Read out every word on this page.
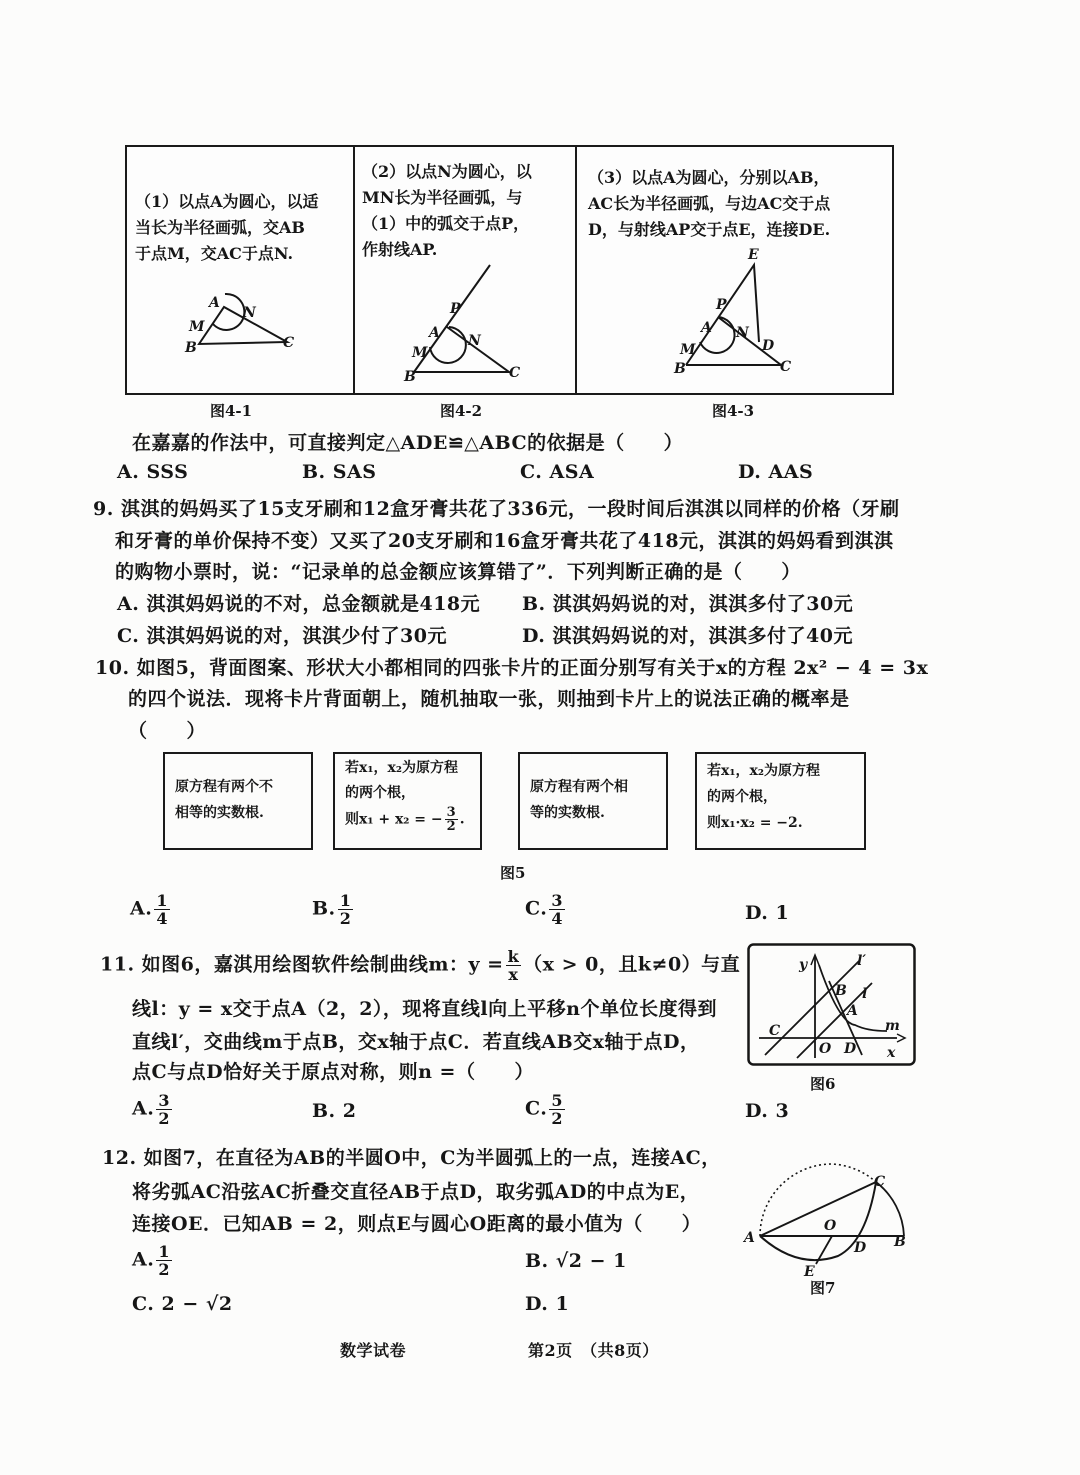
（1）以点A为圆心，以适
当长为半径画弧，交AB
于点M，交AC于点N.
A
N
M
B	C
（2）以点N为圆心，以
MN长为半径画弧，与
（1）中的弧交于点P，
作射线AP.
P
A N
M
B	C
（3）以点A为圆心，分别以AB，
AC长为半径画弧，与边AC交于点
D，与射线AP交于点E，连接DE.
E
P
A N
M	D
B	C
图4-1	图4-2	图4-3
在嘉嘉的作法中，可直接判定△ADE≌△ABC的依据是（　　）
A. SSS	B. SAS	C. ASA	D. AAS
9. 淇淇的妈妈买了15支牙刷和12盒牙膏共花了336元，一段时间后淇淇以同样的价格（牙刷
和牙膏的单价保持不变）又买了20支牙刷和16盒牙膏共花了418元，淇淇的妈妈看到淇淇
的购物小票时，说：“记录单的总金额应该算错了”．下列判断正确的是（　　）
A. 淇淇妈妈说的不对，总金额就是418元 B. 淇淇妈妈说的对，淇淇多付了30元
C. 淇淇妈妈说的对，淇淇少付了30元	D. 淇淇妈妈说的对，淇淇多付了40元
10. 如图5，背面图案、形状大小都相同的四张卡片的正面分别写有关于x的方程 2x² − 4 = 3x
的四个说法．现将卡片背面朝上，随机抽取一张，则抽到卡片上的说法正确的概率是
（　　）
原方程有两个不
相等的实数根.
若x₁，x₂为原方程
的两个根，
则x₁ + x₂ = − $\frac{3}{2}$ .
原方程有两个相
等的实数根.
若x₁，x₂为原方程
的两个根，
则x₁·x₂ = −2.
图5
A. $\frac{1}{4}$	B. $\frac{1}{2}$	C. $\frac{3}{4}$	D. 1
11. 如图6，嘉淇用绘图软件绘制曲线m：$y = \frac{k}{x} (x > 0$，且k≠0）与直
线l：y = x交于点A（2，2），现将直线l向上平移n个单位长度得到
直线l′，交曲线m于点B，交x轴于点C．若直线AB交x轴于点D，
点C与点D恰好关于原点对称，则n =（　　）
A. $\frac{3}{2}$	B. 2	C. $\frac{5}{2}$	D. 3
y	l′
B l
A
m
C
O D x
图6
12. 如图7，在直径为AB的半圆O中，C为半圆弧上的一点，连接AC，
将劣弧AC沿弦AC折叠交直径AB于点D，取劣弧AD的中点为E，
连接OE．已知AB = 2，则点E与圆心O距离的最小值为（　　）
A. $\frac{1}{2}$	B. √2 − 1
C. 2 − √2	D. 1
A	B
C
O
D
E
图7
数学试卷	第2页　（共8页）
